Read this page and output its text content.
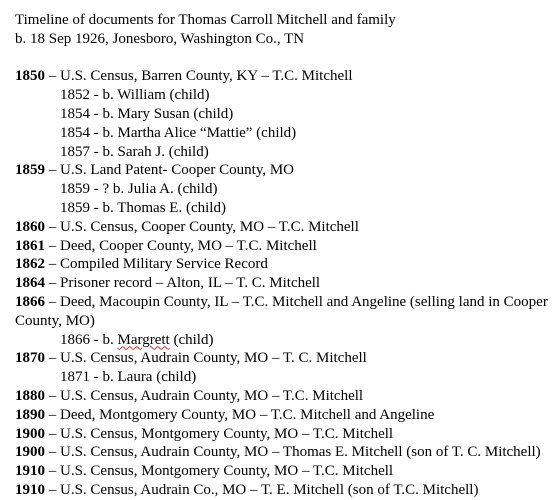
Timeline of documents for Thomas Carroll Mitchell and family
b. 18 Sep 1926, Jonesboro, Washington Co., TN
1850 – U.S. Census, Barren County, KY – T.C. Mitchell
1852 - b. William (child)
1854 - b. Mary Susan (child)
1854 - b. Martha Alice “Mattie” (child)
1857 - b. Sarah J. (child)
1859 – U.S. Land Patent- Cooper County, MO
1859 - ? b. Julia A. (child)
1859 - b. Thomas E. (child)
1860 – U.S. Census, Cooper County, MO – T.C. Mitchell
1861 – Deed, Cooper County, MO – T.C. Mitchell
1862 – Compiled Military Service Record
1864 – Prisoner record – Alton, IL – T. C. Mitchell
1866 – Deed, Macoupin County, IL – T.C. Mitchell and Angeline (selling land in Cooper County, MO)
1866 - b. Margrett (child)
1870 – U.S. Census, Audrain County, MO – T. C. Mitchell
1871 - b. Laura (child)
1880 – U.S. Census, Audrain County, MO – T.C. Mitchell
1890 – Deed, Montgomery County, MO – T.C. Mitchell and Angeline
1900 – U.S. Census, Montgomery County, MO – T.C. Mitchell
1900 – U.S. Census, Audrain County, MO – Thomas E. Mitchell (son of T. C. Mitchell)
1910 – U.S. Census, Montgomery County, MO – T.C. Mitchell
1910 – U.S. Census, Audrain Co., MO – T. E. Mitchell (son of T.C. Mitchell)
